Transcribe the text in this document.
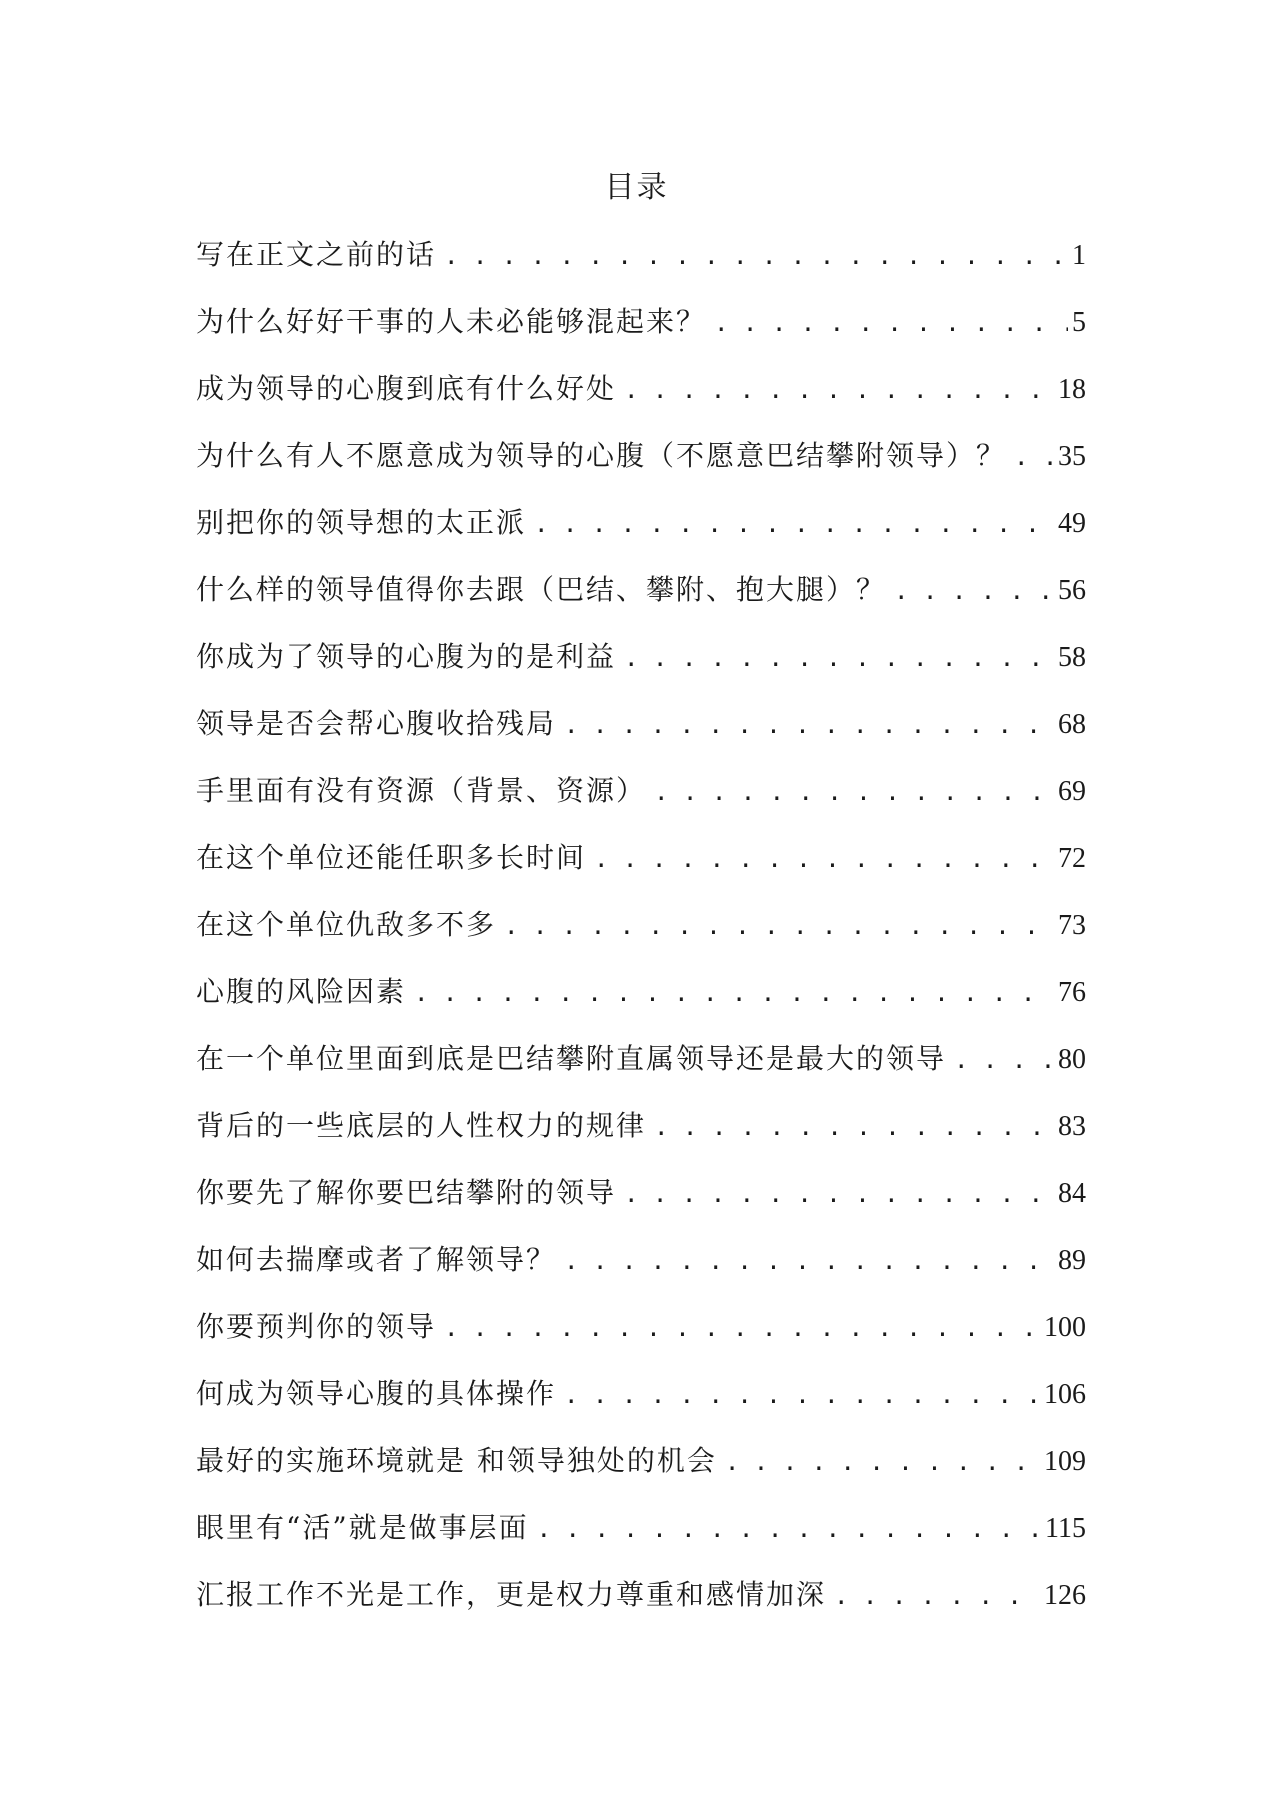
目录
写在正文之前的话 . . .	1
为什么好好干事的人未必能够混起来？ . . .	5
成为领导的心腹到底有什么好处 . . .	18
为什么有人不愿意成为领导的心腹（不愿意巴结攀附领导）？ . . . 35
别把你的领导想的太正派 . . .	49
什么样的领导值得你去跟（巴结、攀附、抱大腿）？ . . .	56
你成为了领导的心腹为的是利益 . . .	58
领导是否会帮心腹收拾残局 . . .	68
手里面有没有资源（背景、资源） . . .	69
在这个单位还能任职多长时间 . . .	72
在这个单位仇敌多不多 . . .	73
心腹的风险因素 . . .	76
在一个单位里面到底是巴结攀附直属领导还是最大的领导 . . .	80
背后的一些底层的人性权力的规律 . . .	83
你要先了解你要巴结攀附的领导 . . .	84
如何去揣摩或者了解领导？ . . .	89
你要预判你的领导 . . .	100
何成为领导心腹的具体操作 . . .	106
最好的实施环境就是 和领导独处的机会 . . .	109
眼里有“活”就是做事层面 . . .	115
汇报工作不光是工作，更是权力尊重和感情加深 . . .	126
